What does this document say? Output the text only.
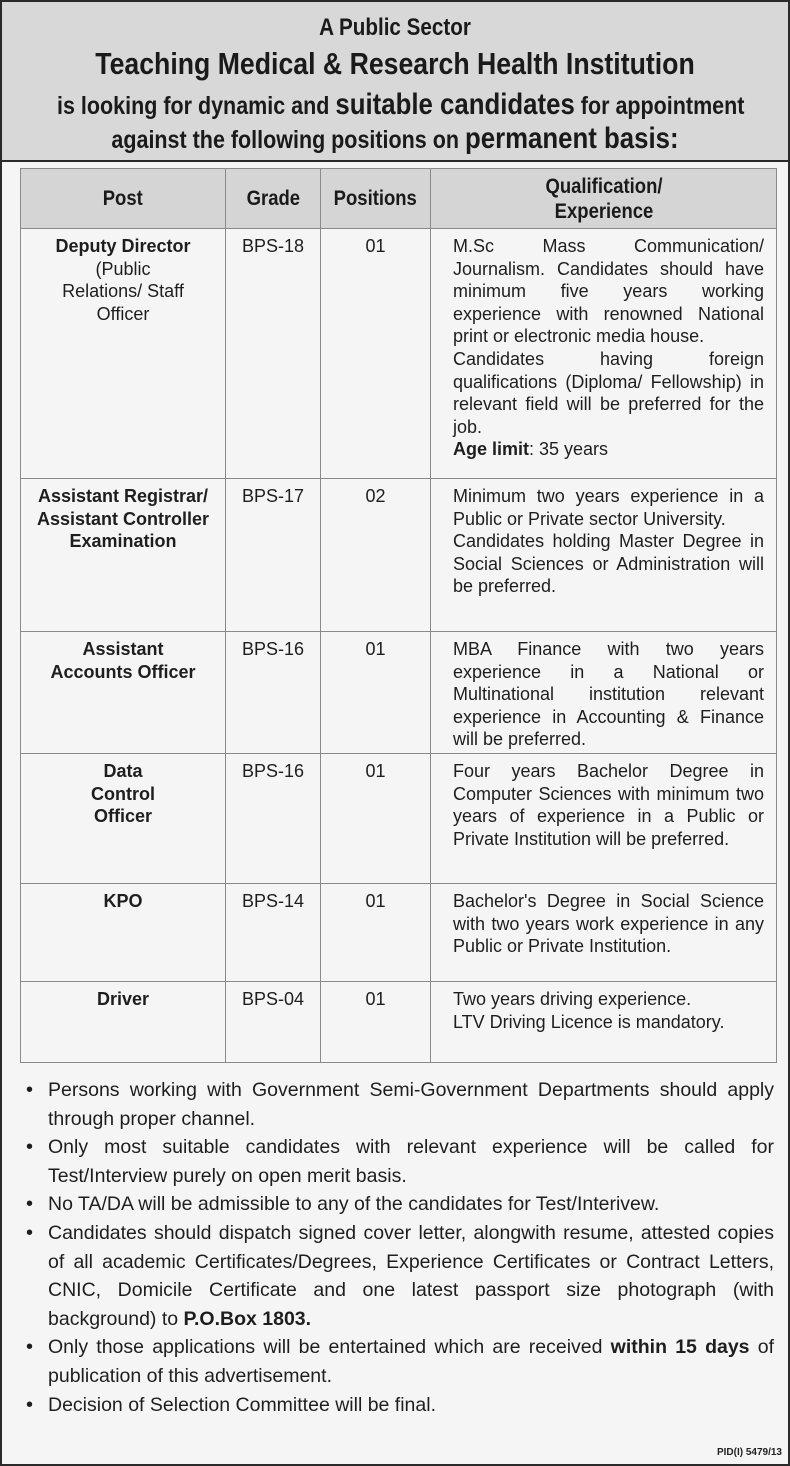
A Public Sector
Teaching Medical & Research Health Institution
is looking for dynamic and suitable candidates for appointment
against the following positions on permanent basis:
Post	Grade	Positions	Qualification/ Experience

Deputy Director
(Public Relations/ Staff Officer	BPS-18	01	M.Sc Mass Communication/ Journalism. Candidates should have minimum five years working experience with renowned National print or electronic media house.
Candidates having foreign qualifications (Diploma/ Fellowship) in relevant field will be preferred for the job.
Age limit: 35 years

Assistant Registrar/ Assistant Controller Examination	BPS-17	02	Minimum two years experience in a Public or Private sector University.
Candidates holding Master Degree in Social Sciences or Administration will be preferred.

Assistant Accounts Officer	BPS-16	01	MBA Finance with two years experience in a National or Multinational institution relevant experience in Accounting & Finance will be preferred.

Data Control Officer	BPS-16	01	Four years Bachelor Degree in Computer Sciences with minimum two years of experience in a Public or Private Institution will be preferred.

KPO	BPS-14	01	Bachelor's Degree in Social Science with two years work experience in any Public or Private Institution.

Driver	BPS-04	01	Two years driving experience.
LTV Driving Licence is mandatory.
• Persons working with Government Semi-Government Departments should apply through proper channel.
• Only most suitable candidates with relevant experience will be called for Test/Interview purely on open merit basis.
• No TA/DA will be admissible to any of the candidates for Test/Interivew.
• Candidates should dispatch signed cover letter, alongwith resume, attested copies of all academic Certificates/Degrees, Experience Certificates or Contract Letters, CNIC, Domicile Certificate and one latest passport size photograph (with background) to P.O.Box 1803.
• Only those applications will be entertained which are received within 15 days of publication of this advertisement.
• Decision of Selection Committee will be final.
PID(I) 5479/13
